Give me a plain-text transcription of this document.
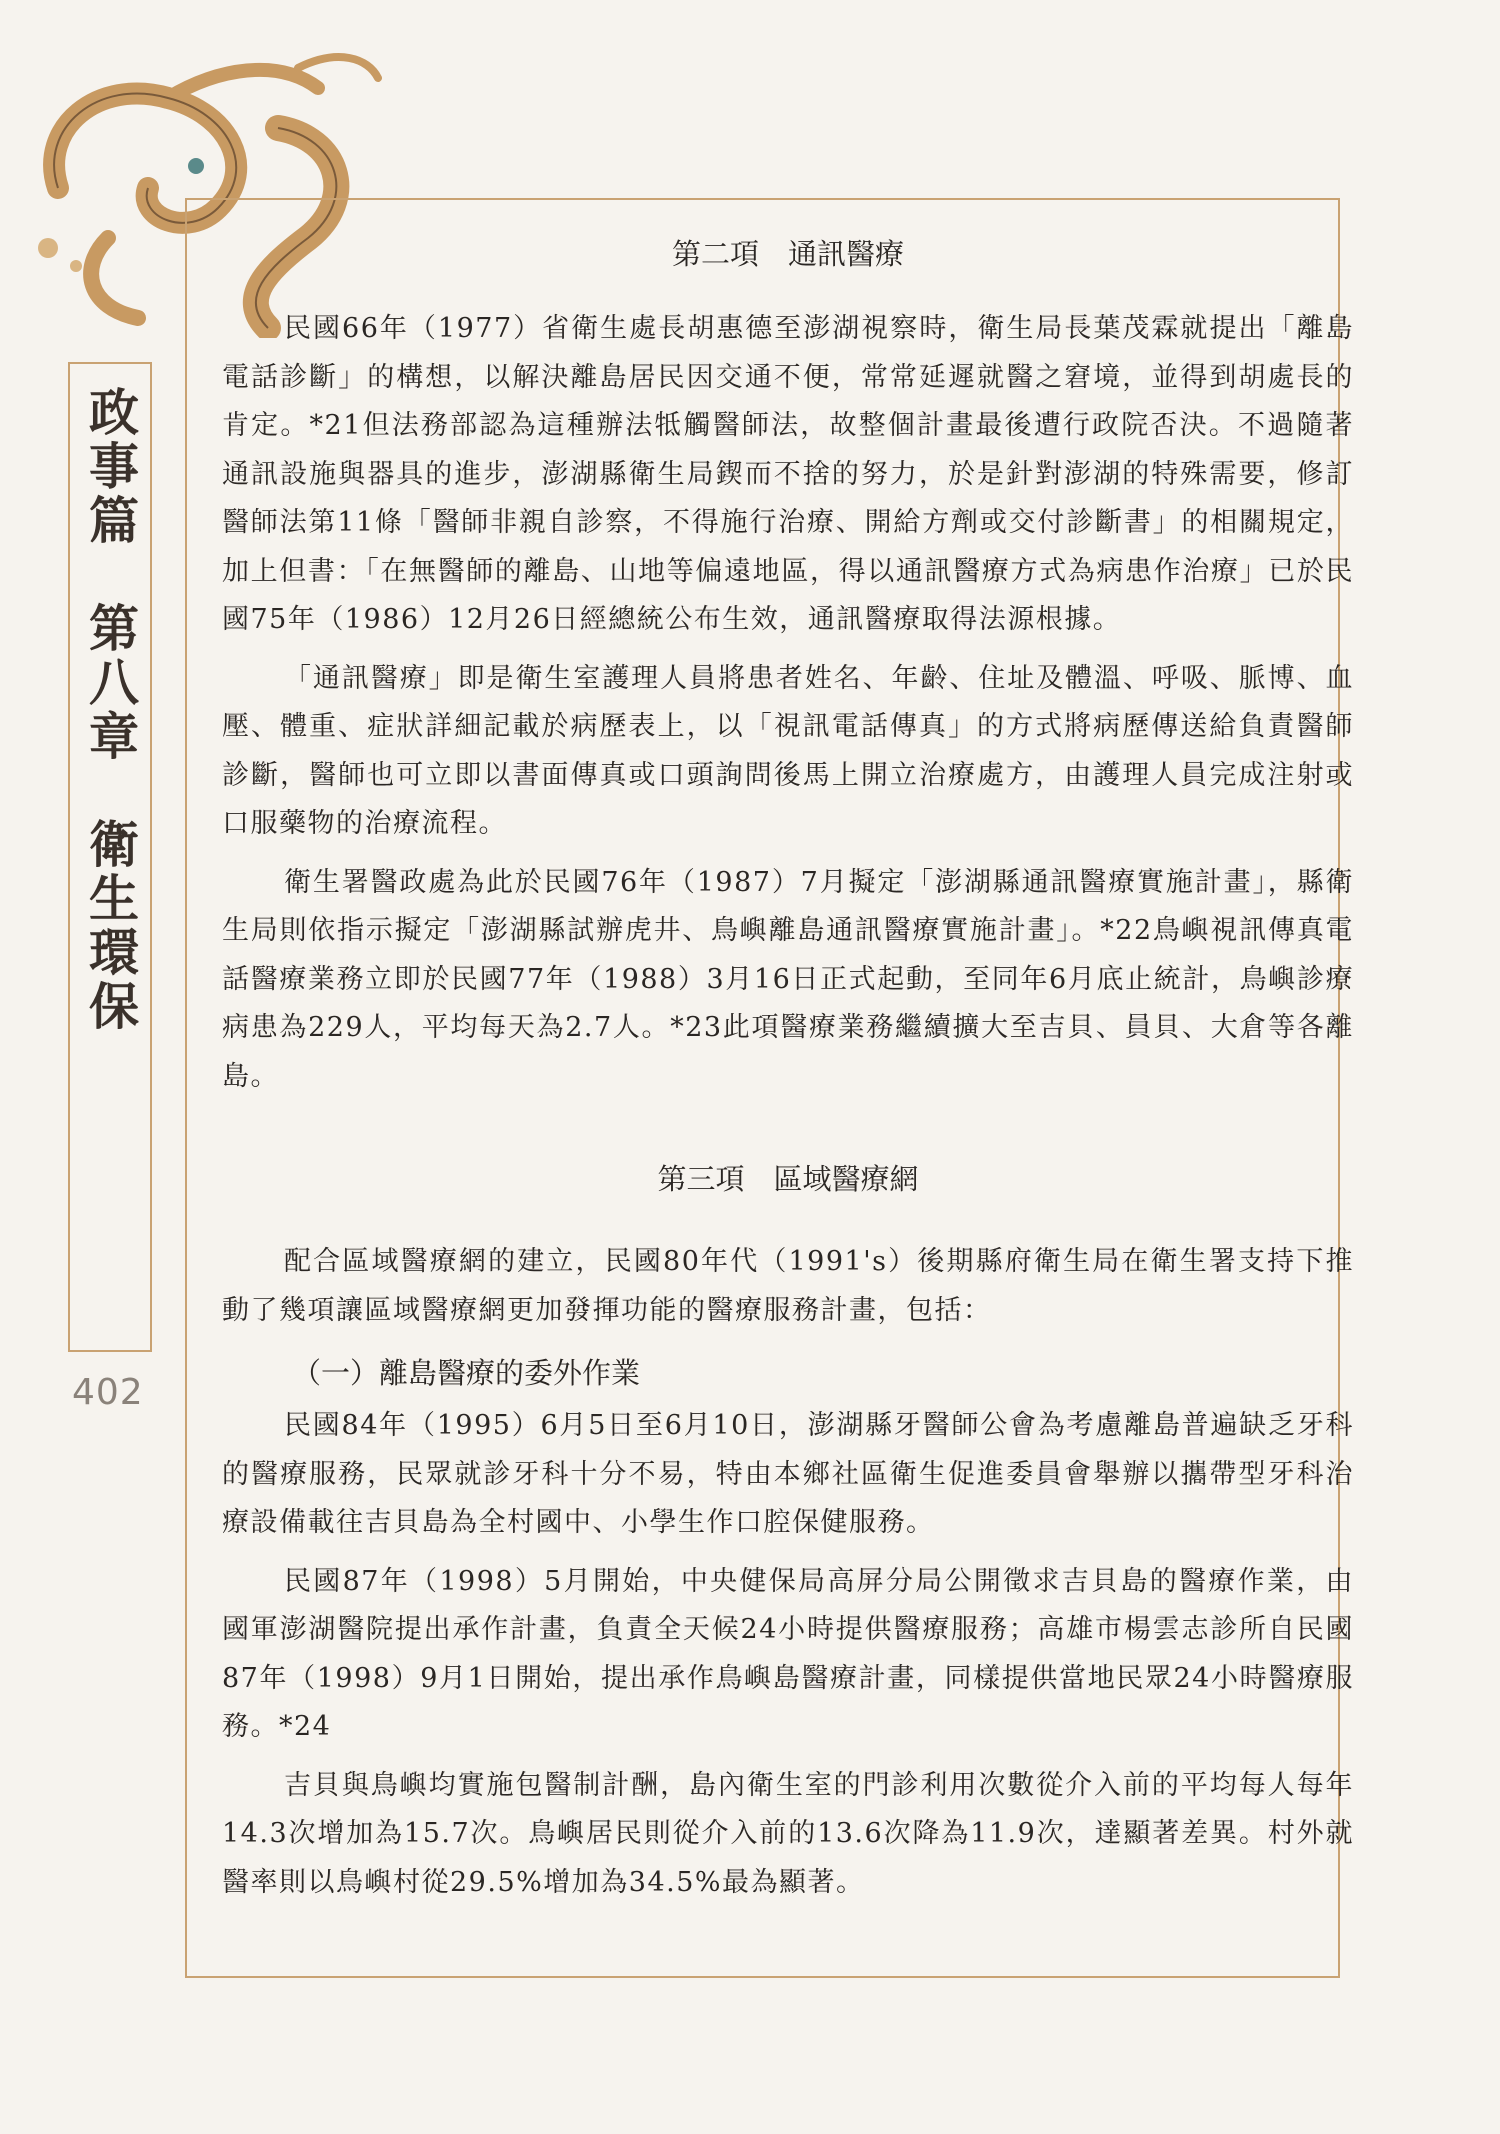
政事篇　第八章　衛生環保
402
第二項　通訊醫療

民國66年（1977）省衛生處長胡惠德至澎湖視察時，衛生局長葉茂霖就提出「離島電話診斷」的構想，以解決離島居民因交通不便，常常延遲就醫之窘境，並得到胡處長的肯定。*21但法務部認為這種辦法牴觸醫師法，故整個計畫最後遭行政院否決。不過隨著通訊設施與器具的進步，澎湖縣衛生局鍥而不捨的努力，於是針對澎湖的特殊需要，修訂醫師法第11條「醫師非親自診察，不得施行治療、開給方劑或交付診斷書」的相關規定，加上但書：「在無醫師的離島、山地等偏遠地區，得以通訊醫療方式為病患作治療」已於民國75年（1986）12月26日經總統公布生效，通訊醫療取得法源根據。

「通訊醫療」即是衛生室護理人員將患者姓名、年齡、住址及體溫、呼吸、脈博、血壓、體重、症狀詳細記載於病歷表上，以「視訊電話傳真」的方式將病歷傳送給負責醫師診斷，醫師也可立即以書面傳真或口頭詢問後馬上開立治療處方，由護理人員完成注射或口服藥物的治療流程。

衛生署醫政處為此於民國76年（1987）7月擬定「澎湖縣通訊醫療實施計畫」，縣衛生局則依指示擬定「澎湖縣試辦虎井、鳥嶼離島通訊醫療實施計畫」。*22鳥嶼視訊傳真電話醫療業務立即於民國77年（1988）3月16日正式起動，至同年6月底止統計，鳥嶼診療病患為229人，平均每天為2.7人。*23此項醫療業務繼續擴大至吉貝、員貝、大倉等各離島。

第三項　區域醫療網

配合區域醫療網的建立，民國80年代（1991's）後期縣府衛生局在衛生署支持下推動了幾項讓區域醫療網更加發揮功能的醫療服務計畫，包括：

（一）離島醫療的委外作業

民國84年（1995）6月5日至6月10日，澎湖縣牙醫師公會為考慮離島普遍缺乏牙科的醫療服務，民眾就診牙科十分不易，特由本鄉社區衛生促進委員會舉辦以攜帶型牙科治療設備載往吉貝島為全村國中、小學生作口腔保健服務。

民國87年（1998）5月開始，中央健保局高屏分局公開徵求吉貝島的醫療作業，由國軍澎湖醫院提出承作計畫，負責全天候24小時提供醫療服務；高雄市楊雲志診所自民國87年（1998）9月1日開始，提出承作鳥嶼島醫療計畫，同樣提供當地民眾24小時醫療服務。*24

吉貝與鳥嶼均實施包醫制計酬，島內衛生室的門診利用次數從介入前的平均每人每年14.3次增加為15.7次。鳥嶼居民則從介入前的13.6次降為11.9次，達顯著差異。村外就醫率則以鳥嶼村從29.5%增加為34.5%最為顯著。
